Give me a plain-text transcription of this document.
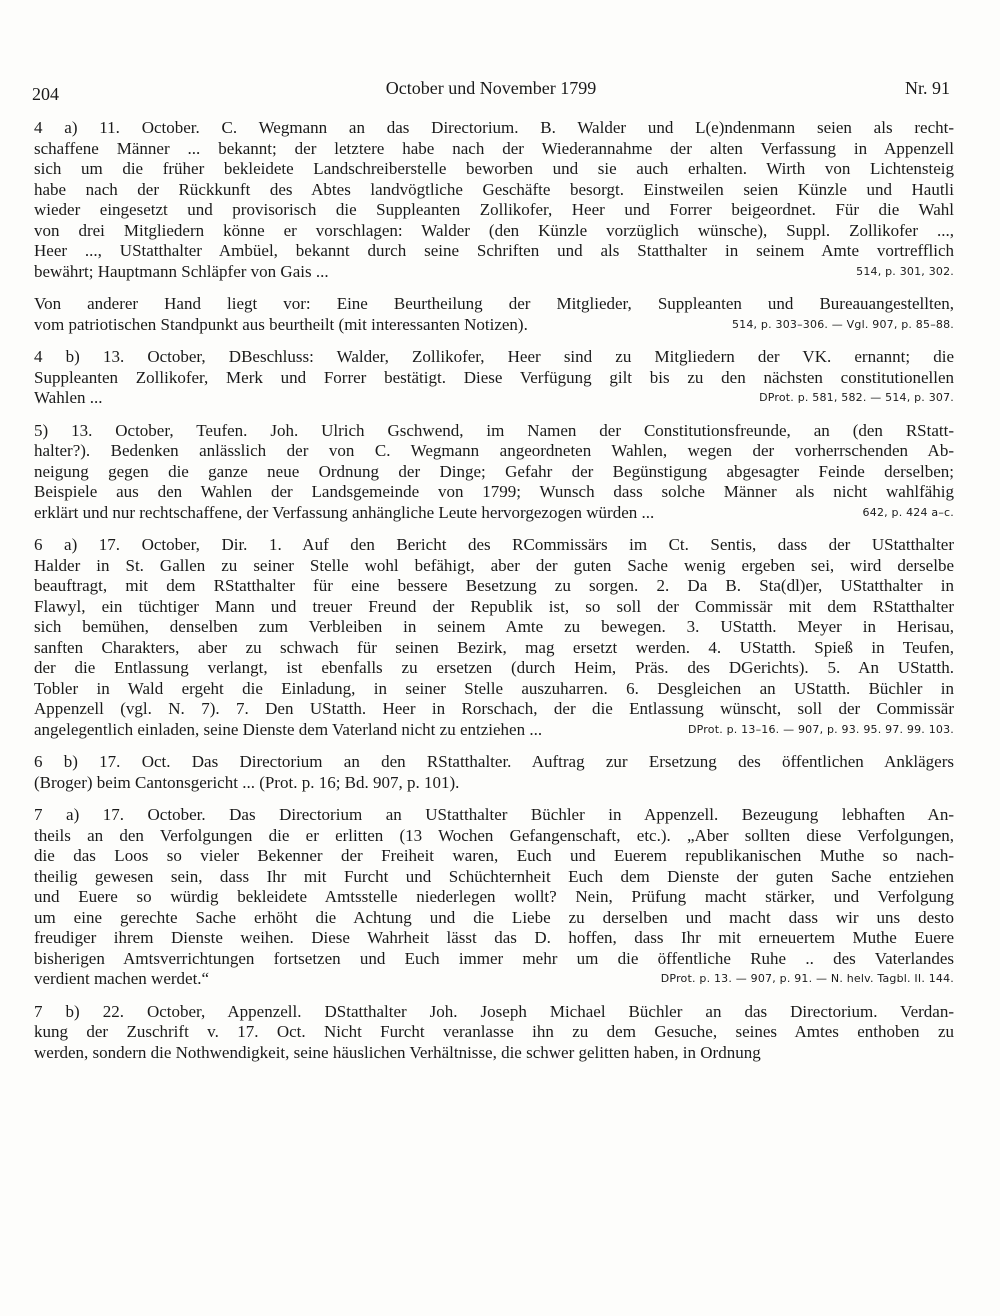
204	October und November 1799	Nr. 91
4 a) 11. October. C. Wegmann an das Directorium. B. Walder und L(e)ndenmann seien als recht-
schaffene Männer ... bekannt; der letztere habe nach der Wiederannahme der alten Verfassung in Appenzell
sich um die früher bekleidete Landschreiberstelle beworben und sie auch erhalten. Wirth von Lichtensteig
habe nach der Rückkunft des Abtes landvögtliche Geschäfte besorgt. Einstweilen seien Künzle und Hautli
wieder eingesetzt und provisorisch die Suppleanten Zollikofer, Heer und Forrer beigeordnet. Für die Wahl
von drei Mitgliedern könne er vorschlagen: Walder (den Künzle vorzüglich wünsche), Suppl. Zollikofer ...,
Heer ..., UStatthalter Ambüel, bekannt durch seine Schriften und als Statthalter in seinem Amte vortrefflich
bewährt; Hauptmann Schläpfer von Gais ...	514, p. 301, 302.
Von anderer Hand liegt vor: Eine Beurtheilung der Mitglieder, Suppleanten und Bureauangestellten,
vom patriotischen Standpunkt aus beurtheilt (mit interessanten Notizen).	514, p. 303–306. — Vgl. 907, p. 85–88.
4 b) 13. October, DBeschluss: Walder, Zollikofer, Heer sind zu Mitgliedern der VK. ernannt; die
Suppleanten Zollikofer, Merk und Forrer bestätigt. Diese Verfügung gilt bis zu den nächsten constitutionellen
Wahlen ...	DProt. p. 581, 582. — 514, p. 307.
5) 13. October, Teufen. Joh. Ulrich Gschwend, im Namen der Constitutionsfreunde, an (den RStatt-
halter?). Bedenken anlässlich der von C. Wegmann angeordneten Wahlen, wegen der vorherrschenden Ab-
neigung gegen die ganze neue Ordnung der Dinge; Gefahr der Begünstigung abgesagter Feinde derselben;
Beispiele aus den Wahlen der Landsgemeinde von 1799; Wunsch dass solche Männer als nicht wahlfähig
erklärt und nur rechtschaffene, der Verfassung anhängliche Leute hervorgezogen würden ...	642, p. 424 a–c.
6 a) 17. October, Dir. 1. Auf den Bericht des RCommissärs im Ct. Sentis, dass der UStatthalter
Halder in St. Gallen zu seiner Stelle wohl befähigt, aber der guten Sache wenig ergeben sei, wird derselbe
beauftragt, mit dem RStatthalter für eine bessere Besetzung zu sorgen. 2. Da B. Sta(dl)er, UStatthalter in
Flawyl, ein tüchtiger Mann und treuer Freund der Republik ist, so soll der Commissär mit dem RStatthalter
sich bemühen, denselben zum Verbleiben in seinem Amte zu bewegen. 3. UStatth. Meyer in Herisau,
sanften Charakters, aber zu schwach für seinen Bezirk, mag ersetzt werden. 4. UStatth. Spieß in Teufen,
der die Entlassung verlangt, ist ebenfalls zu ersetzen (durch Heim, Präs. des DGerichts). 5. An UStatth.
Tobler in Wald ergeht die Einladung, in seiner Stelle auszuharren. 6. Desgleichen an UStatth. Büchler in
Appenzell (vgl. N. 7). 7. Den UStatth. Heer in Rorschach, der die Entlassung wünscht, soll der Commissär
angelegentlich einladen, seine Dienste dem Vaterland nicht zu entziehen ...	DProt. p. 13–16. — 907, p. 93. 95. 97. 99. 103.
6 b) 17. Oct. Das Directorium an den RStatthalter. Auftrag zur Ersetzung des öffentlichen Anklägers
(Broger) beim Cantonsgericht ... (Prot. p. 16; Bd. 907, p. 101).
7 a) 17. October. Das Directorium an UStatthalter Büchler in Appenzell. Bezeugung lebhaften An-
theils an den Verfolgungen die er erlitten (13 Wochen Gefangenschaft, etc.). „Aber sollten diese Verfolgungen,
die das Loos so vieler Bekenner der Freiheit waren, Euch und Euerem republikanischen Muthe so nach-
theilig gewesen sein, dass Ihr mit Furcht und Schüchternheit Euch dem Dienste der guten Sache entziehen
und Euere so würdig bekleidete Amtsstelle niederlegen wollt? Nein, Prüfung macht stärker, und Verfolgung
um eine gerechte Sache erhöht die Achtung und die Liebe zu derselben und macht dass wir uns desto
freudiger ihrem Dienste weihen. Diese Wahrheit lässt das D. hoffen, dass Ihr mit erneuertem Muthe Euere
bisherigen Amtsverrichtungen fortsetzen und Euch immer mehr um die öffentliche Ruhe .. des Vaterlandes
verdient machen werdet.“	DProt. p. 13. — 907, p. 91. — N. helv. Tagbl. II. 144.
7 b) 22. October, Appenzell. DStatthalter Joh. Joseph Michael Büchler an das Directorium. Verdan-
kung der Zuschrift v. 17. Oct. Nicht Furcht veranlasse ihn zu dem Gesuche, seines Amtes enthoben zu
werden, sondern die Nothwendigkeit, seine häuslichen Verhältnisse, die schwer gelitten haben, in Ordnung
